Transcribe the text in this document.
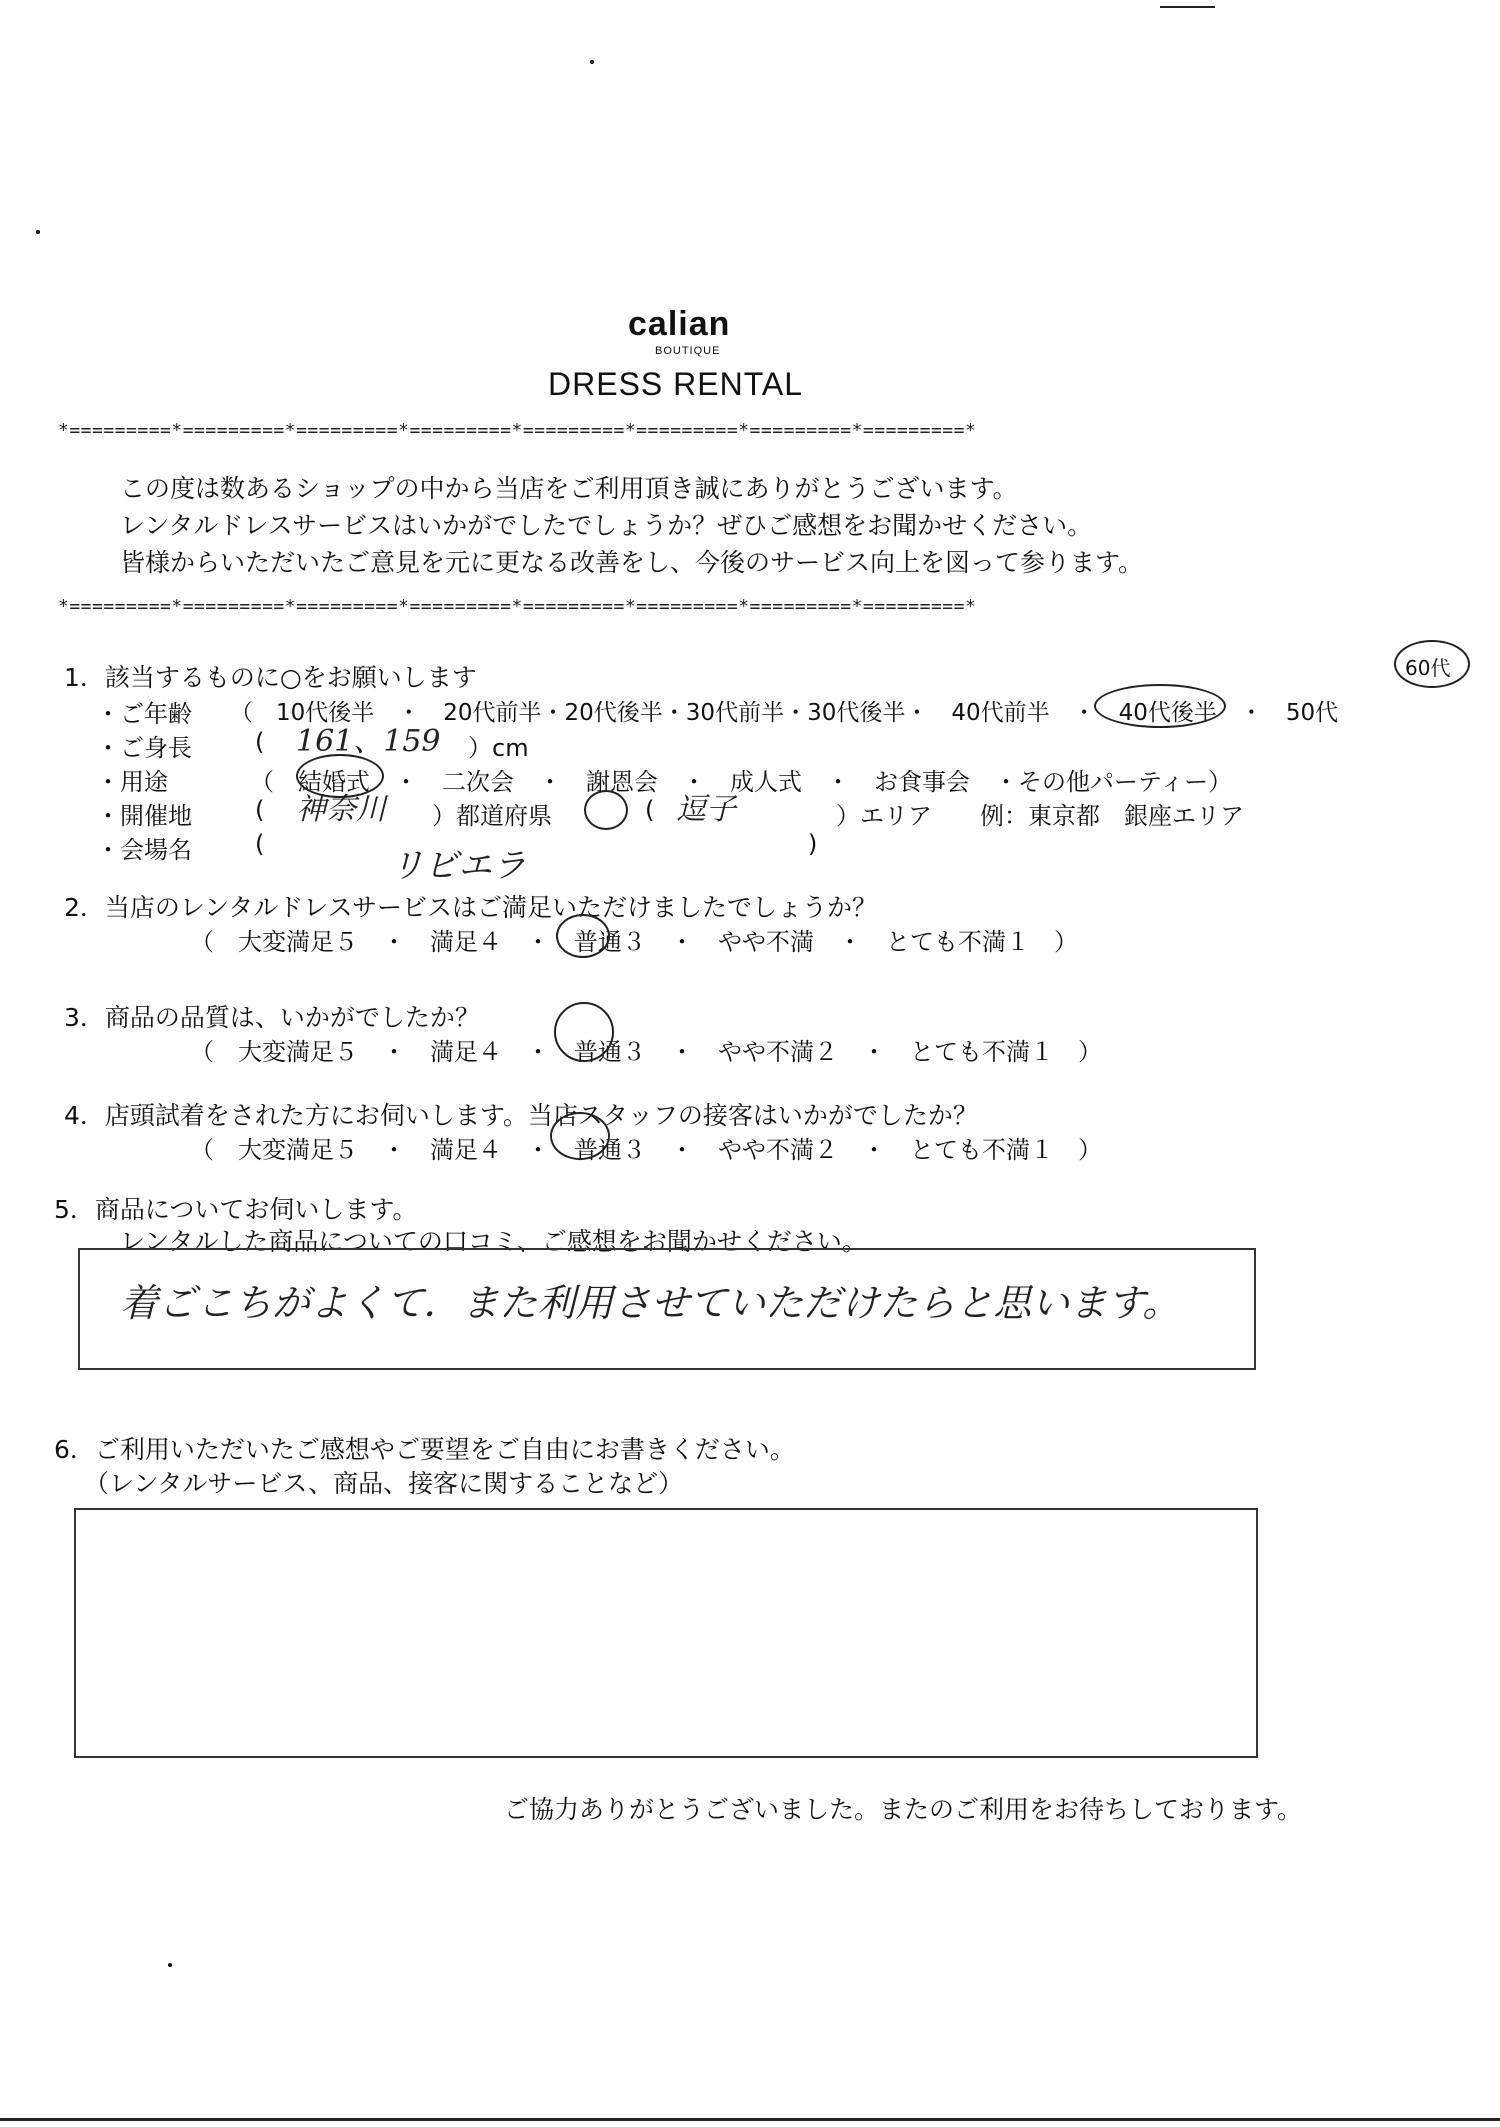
calian
BOUTIQUE
DRESS RENTAL
*=========*=========*=========*=========*=========*=========*=========*=========*
この度は数あるショップの中から当店をご利用頂き誠にありがとうございます。
レンタルドレスサービスはいかがでしたでしょうか？ぜひご感想をお聞かせください。
皆様からいただいたご意見を元に更なる改善をし、今後のサービス向上を図って参ります。
*=========*=========*=========*=========*=========*=========*=========*=========*
1．該当するものに○をお願いします
・ご年齢 （　10代後半　・　20代前半・20代後半・30代前半・30代後半・　40代前半　・　40代後半　・　50代
60代
・ご身長	( 161、159 ）cm
・用途	（　結婚式　・　二次会　・　謝恩会　・　成人式　・　お食事会　・その他パーティー）
・開催地	( 神奈川 ）都道府県	( 逗子	）エリア　　例：東京都　銀座エリア
・会場名	(	)
リビエラ
2．当店のレンタルドレスサービスはご満足いただけましたでしょうか？
（　大変満足５　・　満足４　・　普通３　・　やや不満　・　とても不満１　）
3．商品の品質は、いかがでしたか？
（　大変満足５　・　満足４　・　普通３　・　やや不満２　・　とても不満１　）
4．店頭試着をされた方にお伺いします。当店スタッフの接客はいかがでしたか？
（　大変満足５　・　満足４　・　普通３　・　やや不満２　・　とても不満１　）
5．商品についてお伺いします。
レンタルした商品についての口コミ、ご感想をお聞かせください。
着ごこちがよくて．また利用させていただけたらと思います。
6．ご利用いただいたご感想やご要望をご自由にお書きください。
（レンタルサービス、商品、接客に関することなど）
ご協力ありがとうございました。またのご利用をお待ちしております。
